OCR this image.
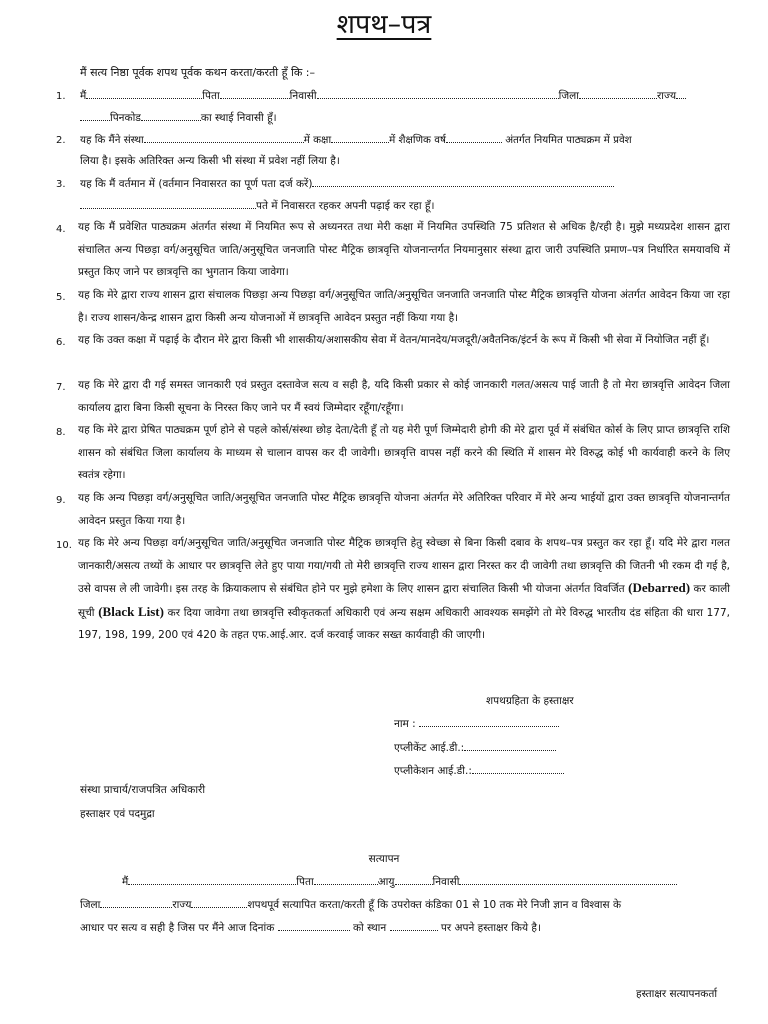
शपथ–पत्र
मैं सत्य निष्ठा पूर्वक शपथ पूर्वक कथन करता/करती हूँ कि :–
1. मैं	पिता	निवासी	जिला	राज्य
पिनकोड	का स्थाई निवासी हूँ।
2. यह कि मैंने संस्था	में कक्षा	में शैक्षणिक वर्ष	अंतर्गत नियमित पाठ्यक्रम में प्रवेश
लिया है। इसके अतिरिक्त अन्य किसी भी संस्था में प्रवेश नहीं लिया है।
3. यह कि मैं वर्तमान में (वर्तमान निवासरत का पूर्ण पता दर्ज करें)
पते में निवासरत रहकर अपनी पढ़ाई कर रहा हूँ।
4. यह कि मैं प्रवेशित पाठ्यक्रम अंतर्गत संस्था में नियमित रूप से अध्यनरत तथा मेरी कक्षा में नियमित उपस्थिति 75 प्रतिशत से अधिक है/रही है। मुझे मध्यप्रदेश शासन द्वारा संचालित अन्य पिछड़ा वर्ग/अनुसूचित जाति/अनुसूचित जनजाति पोस्ट मैट्रिक छात्रवृत्ति योजनान्तर्गत नियमानुसार संस्था द्वारा जारी उपस्थिति प्रमाण–पत्र निर्धारित समयावधि में प्रस्तुत किए जाने पर छात्रवृत्ति का भुगतान किया जावेगा।
5. यह कि मेरे द्वारा राज्य शासन द्वारा संचालक पिछड़ा अन्य पिछड़ा वर्ग/अनुसूचित जाति/अनुसूचित जनजाति जनजाति पोस्ट मैट्रिक छात्रवृत्ति योजना अंतर्गत आवेदन किया जा रहा है। राज्य शासन/केन्द्र शासन द्वारा किसी अन्य योजनाओं में छात्रवृत्ति आवेदन प्रस्तुत नहीं किया गया है।
6. यह कि उक्त कक्षा में पढ़ाई के दौरान मेरे द्वारा किसी भी शासकीय/अशासकीय सेवा में वेतन/मानदेय/मजदूरी/अवैतनिक/इंटर्न के रूप में किसी भी सेवा में नियोजित नहीं हूँ।
7. यह कि मेरे द्वारा दी गई समस्त जानकारी एवं प्रस्तुत दस्तावेज सत्य व सही है, यदि किसी प्रकार से कोई जानकारी गलत/असत्य पाई जाती है तो मेरा छात्रवृत्ति आवेदन जिला कार्यालय द्वारा बिना किसी सूचना के निरस्त किए जाने पर मैं स्वयं जिम्मेदार रहूँगा/रहूँगा।
8. यह कि मेरे द्वारा प्रेषित पाठ्यक्रम पूर्ण होने से पहले कोर्स/संस्था छोड़ देता/देती हूँ तो यह मेरी पूर्ण जिम्मेदारी होगी की मेरे द्वारा पूर्व में संबंधित कोर्स के लिए प्राप्त छात्रवृत्ति राशि शासन को संबंधित जिला कार्यालय के माध्यम से चालान वापस कर दी जावेगी। छात्रवृत्ति वापस नहीं करने की स्थिति में शासन मेरे विरुद्ध कोई भी कार्यवाही करने के लिए स्वतंत्र रहेगा।
9. यह कि अन्य पिछड़ा वर्ग/अनुसूचित जाति/अनुसूचित जनजाति पोस्ट मैट्रिक छात्रवृत्ति योजना अंतर्गत मेरे अतिरिक्त परिवार में मेरे अन्य भाईयों द्वारा उक्त छात्रवृत्ति योजनान्तर्गत आवेदन प्रस्तुत किया गया है।
10. यह कि मेरे अन्य पिछड़ा वर्ग/अनुसूचित जाति/अनुसूचित जनजाति पोस्ट मैट्रिक छात्रवृत्ति हेतु स्वेच्छा से बिना किसी दबाव के शपथ–पत्र प्रस्तुत कर रहा हूँ। यदि मेरे द्वारा गलत जानकारी/असत्य तथ्यों के आधार पर छात्रवृत्ति लेते हुए पाया गया/गयी तो मेरी छात्रवृत्ति राज्य शासन द्वारा निरस्त कर दी जावेगी तथा छात्रवृत्ति की जितनी भी रकम दी गई है, उसे वापस ले ली जावेगी। इस तरह के क्रियाकलाप से संबंधित होने पर मुझे हमेशा के लिए शासन द्वारा संचालित किसी भी योजना अंतर्गत विवर्जित (Debarred) कर काली सूची (Black List) कर दिया जावेगा तथा छात्रवृत्ति स्वीकृतकर्ता अधिकारी एवं अन्य सक्षम अधिकारी आवश्यक समझेंगे तो मेरे विरुद्ध भारतीय दंड संहिता की धारा 177, 197, 198, 199, 200 एवं 420 के तहत एफ.आई.आर. दर्ज करवाई जाकर सख्त कार्यवाही की जाएगी।

शपथग्रहिता के हस्ताक्षर
नाम :
एप्लीकेंट आई.डी.:
एप्लीकेशन आई.डी.:
संस्था प्राचार्य/राजपत्रित अधिकारी
हस्ताक्षर एवं पदमुद्रा
सत्यापन
मैं	पिता	आयु	निवासी
जिला	राज्य	शपथपूर्व सत्यापित करता/करती हूँ कि उपरोक्त कंडिका 01 से 10 तक मेरे निजी ज्ञान व विश्वास के
आधार पर सत्य व सही है जिस पर मैंने आज दिनांक	को स्थान	पर अपने हस्ताक्षर किये है।
हस्ताक्षर सत्यापनकर्ता
